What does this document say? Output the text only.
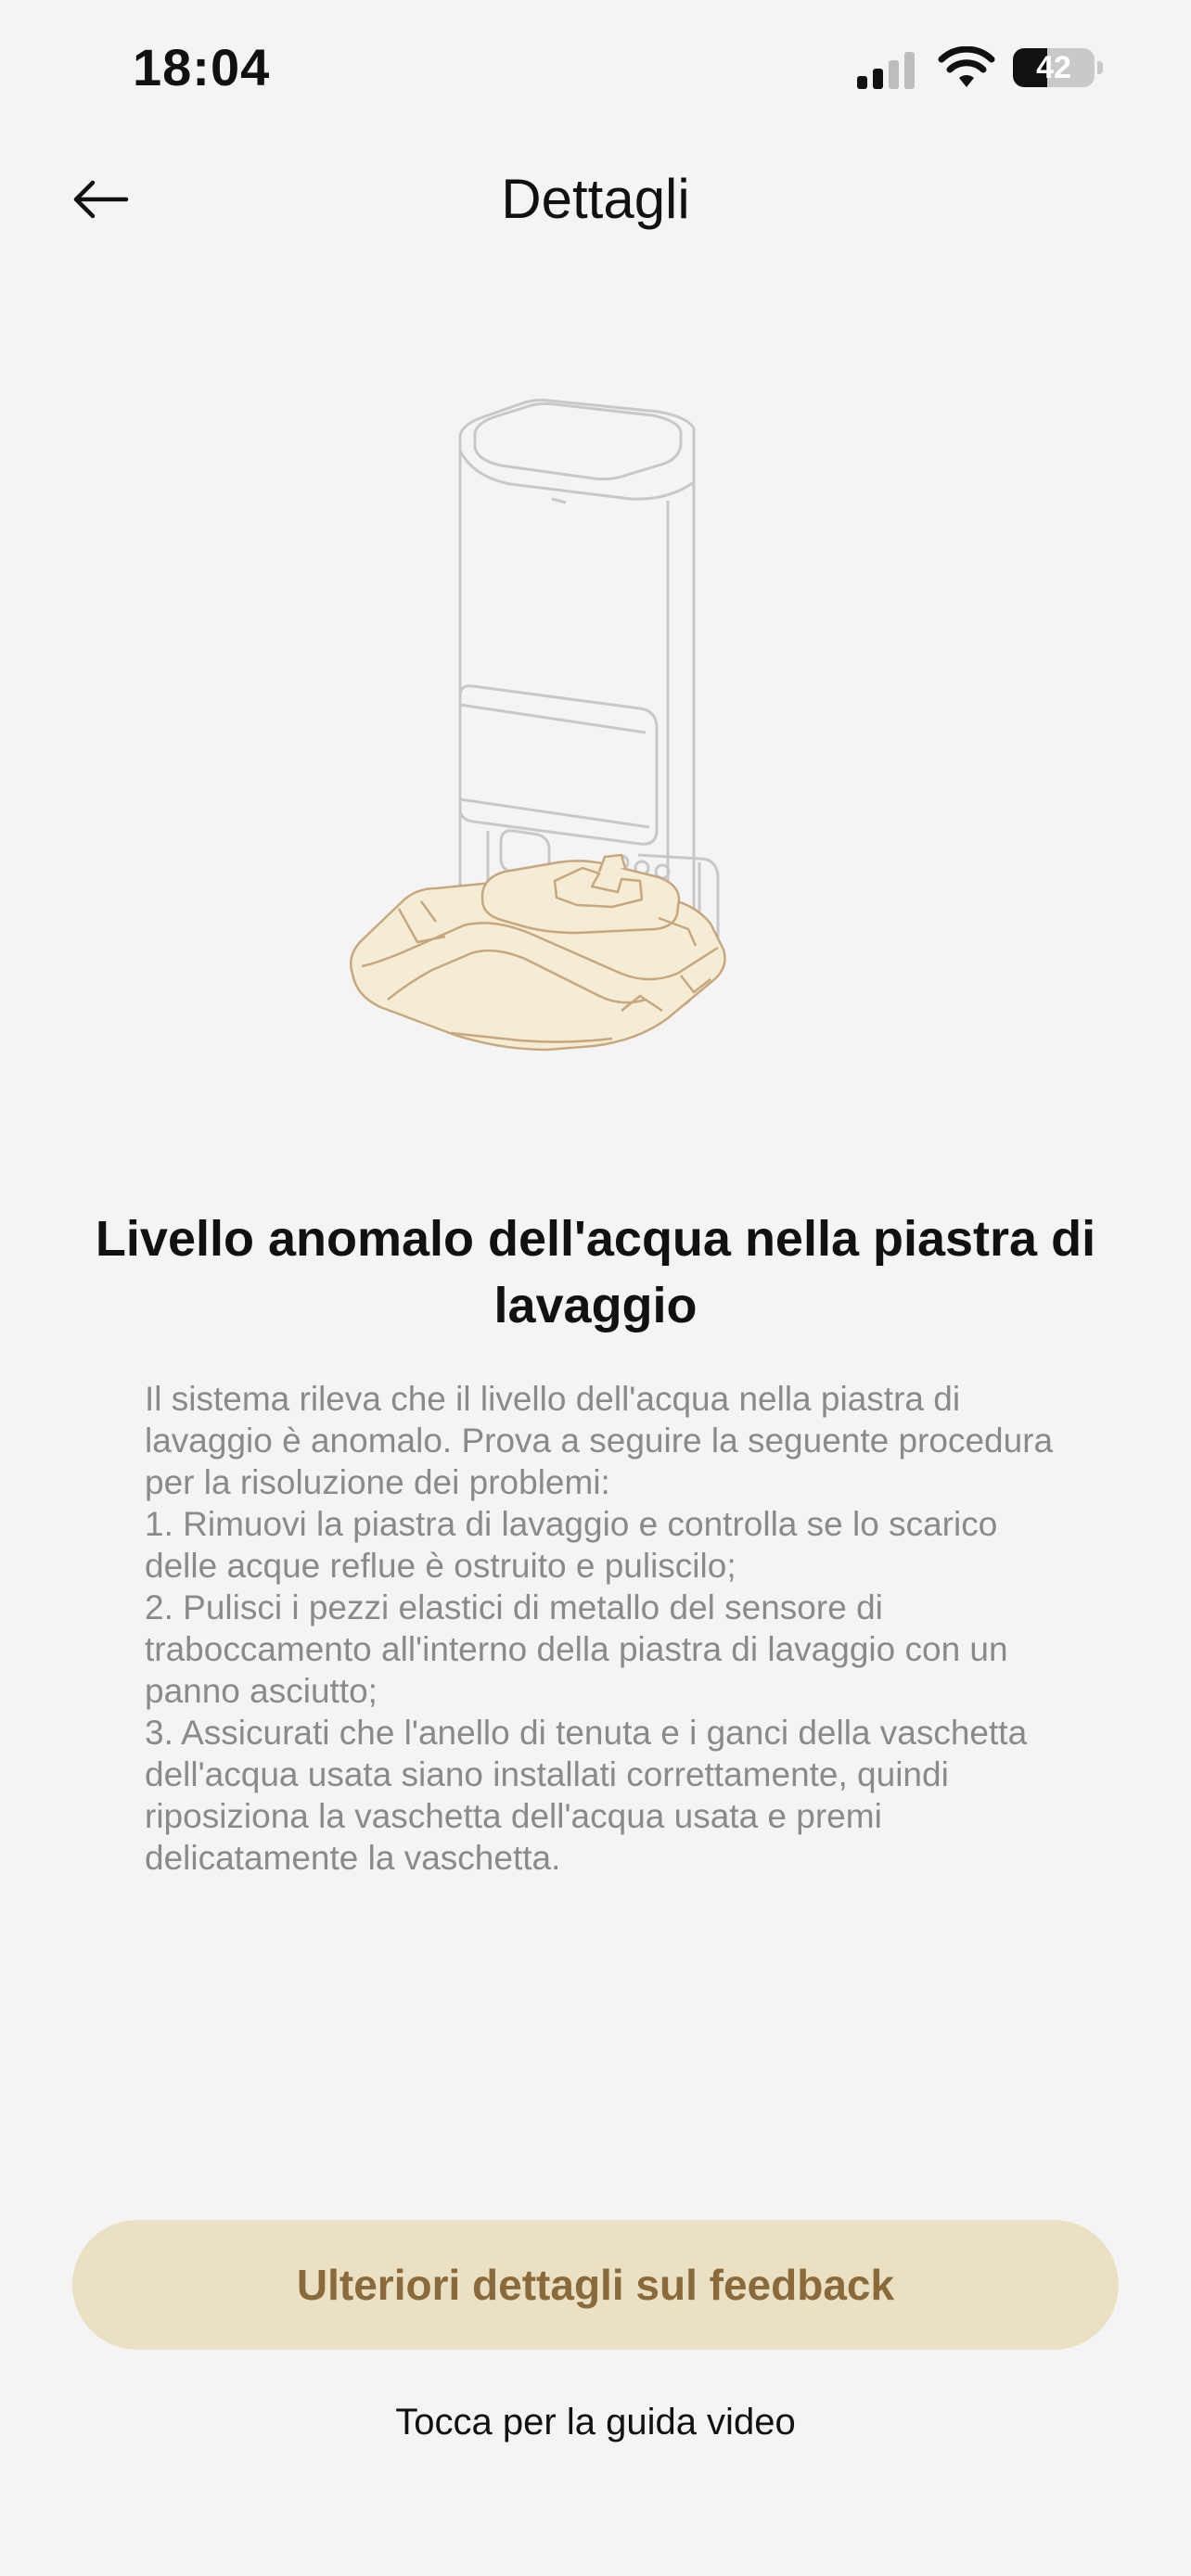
18:04	42
Dettagli
Livello anomalo dell'acqua nella piastra di lavaggio
Il sistema rileva che il livello dell'acqua nella piastra di lavaggio è anomalo. Prova a seguire la seguente procedura per la risoluzione dei problemi:
1. Rimuovi la piastra di lavaggio e controlla se lo scarico delle acque reflue è ostruito e puliscilo;
2. Pulisci i pezzi elastici di metallo del sensore di traboccamento all'interno della piastra di lavaggio con un panno asciutto;
3. Assicurati che l'anello di tenuta e i ganci della vaschetta dell'acqua usata siano installati correttamente, quindi riposiziona la vaschetta dell'acqua usata e premi delicatamente la vaschetta.
Ulteriori dettagli sul feedback
Tocca per la guida video
